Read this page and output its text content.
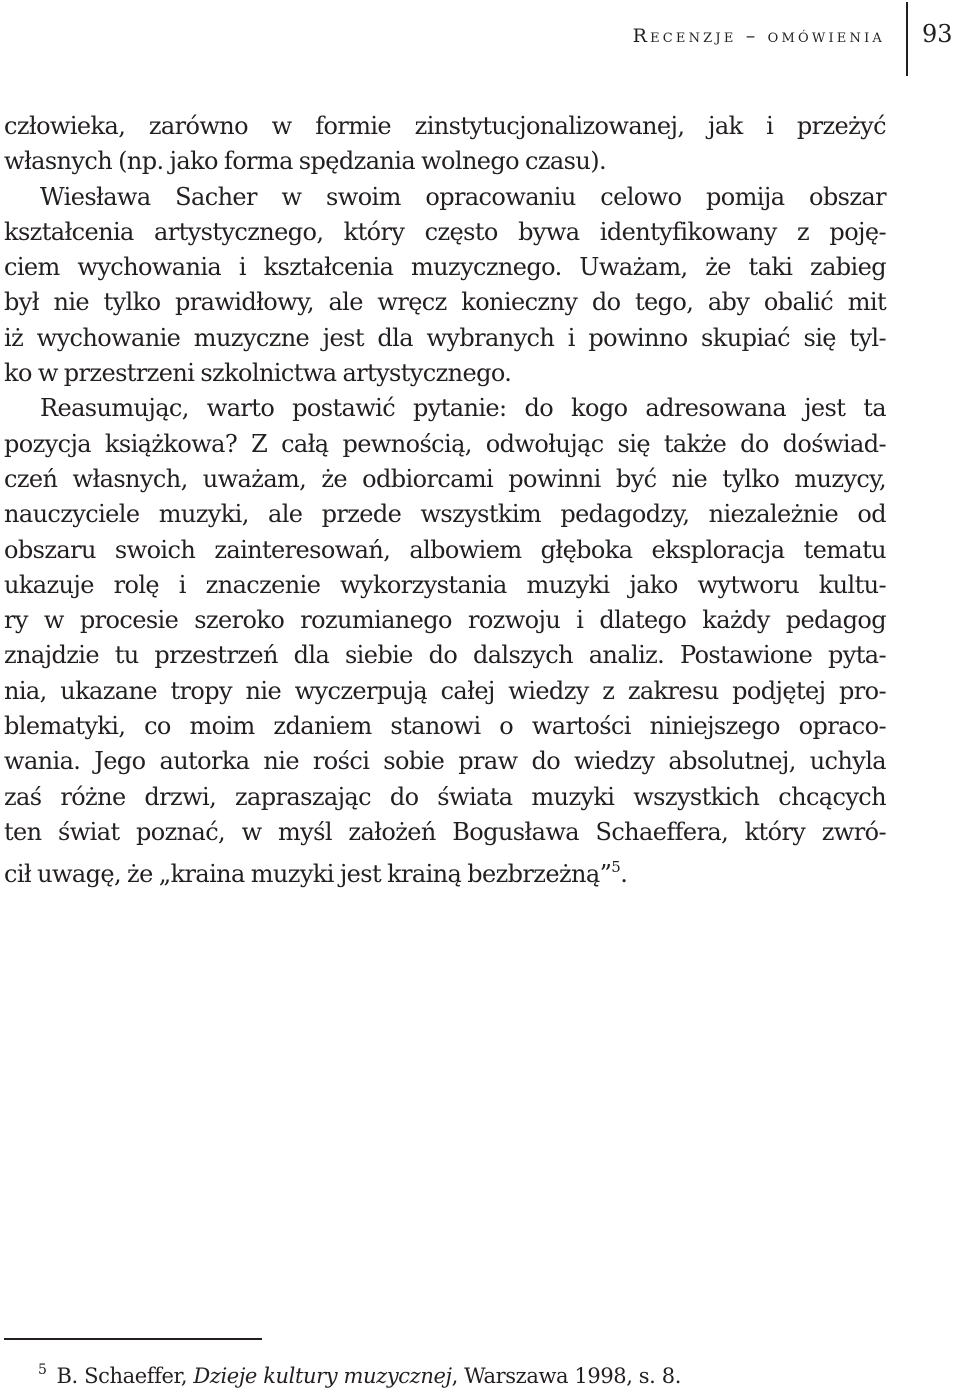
Recenzje – omówienia 93
człowieka, zarówno w formie zinstytucjonalizowanej, jak i przeżyć
własnych (np. jako forma spędzania wolnego czasu).
Wiesława Sacher w swoim opracowaniu celowo pomija obszar
kształcenia artystycznego, który często bywa identyfikowany z poję-
ciem wychowania i kształcenia muzycznego. Uważam, że taki zabieg
był nie tylko prawidłowy, ale wręcz konieczny do tego, aby obalić mit
iż wychowanie muzyczne jest dla wybranych i powinno skupiać się tyl-
ko w przestrzeni szkolnictwa artystycznego.
Reasumując, warto postawić pytanie: do kogo adresowana jest ta
pozycja książkowa? Z całą pewnością, odwołując się także do doświad-
czeń własnych, uważam, że odbiorcami powinni być nie tylko muzycy,
nauczyciele muzyki, ale przede wszystkim pedagodzy, niezależnie od
obszaru swoich zainteresowań, albowiem głęboka eksploracja tematu
ukazuje rolę i znaczenie wykorzystania muzyki jako wytworu kultu-
ry w procesie szeroko rozumianego rozwoju i dlatego każdy pedagog
znajdzie tu przestrzeń dla siebie do dalszych analiz. Postawione pyta-
nia, ukazane tropy nie wyczerpują całej wiedzy z zakresu podjętej pro-
blematyki, co moim zdaniem stanowi o wartości niniejszego opraco-
wania. Jego autorka nie rości sobie praw do wiedzy absolutnej, uchyla
zaś różne drzwi, zapraszając do świata muzyki wszystkich chcących
ten świat poznać, w myśl założeń Bogusława Schaeffera, który zwró-
cił uwagę, że „kraina muzyki jest krainą bezbrzeżną”$^5$.
$^5$ B. Schaeffer, Dzieje kultury muzycznej, Warszawa 1998, s. 8.
